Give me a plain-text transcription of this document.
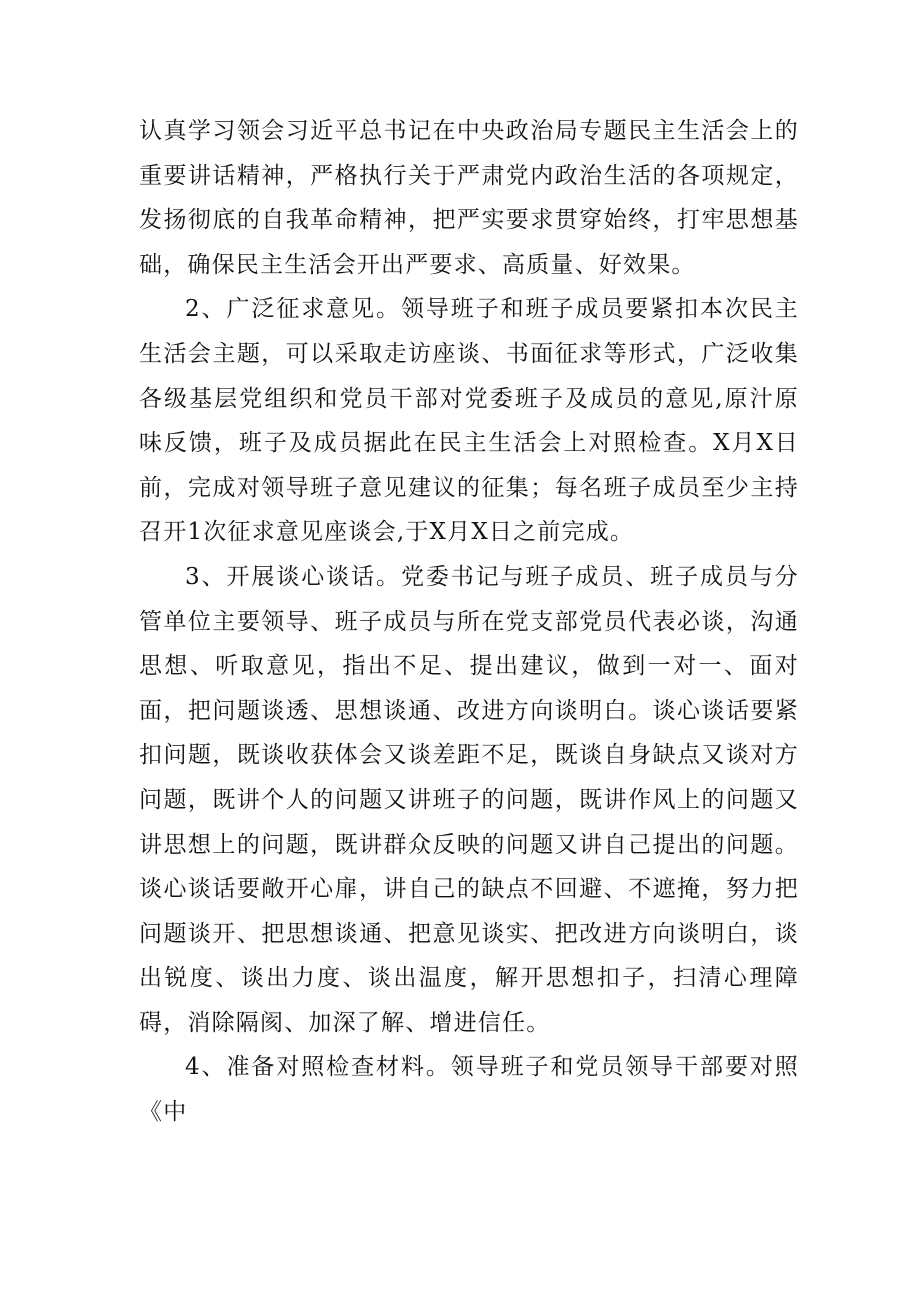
认真学习领会习近平总书记在中央政治局专题民主生活会上的重要讲话精神，严格执行关于严肃党内政治生活的各项规定，发扬彻底的自我革命精神，把严实要求贯穿始终，打牢思想基础，确保民主生活会开出严要求、高质量、好效果。

2、广泛征求意见。领导班子和班子成员要紧扣本次民主生活会主题，可以采取走访座谈、书面征求等形式，广泛收集各级基层党组织和党员干部对党委班子及成员的意见,原汁原味反馈，班子及成员据此在民主生活会上对照检查。X月X日前，完成对领导班子意见建议的征集；每名班子成员至少主持召开1次征求意见座谈会,于X月X日之前完成。

3、开展谈心谈话。党委书记与班子成员、班子成员与分管单位主要领导、班子成员与所在党支部党员代表必谈，沟通思想、听取意见，指出不足、提出建议，做到一对一、面对面，把问题谈透、思想谈通、改进方向谈明白。谈心谈话要紧扣问题，既谈收获体会又谈差距不足，既谈自身缺点又谈对方问题，既讲个人的问题又讲班子的问题，既讲作风上的问题又讲思想上的问题，既讲群众反映的问题又讲自己提出的问题。谈心谈话要敞开心扉，讲自己的缺点不回避、不遮掩，努力把问题谈开、把思想谈通、把意见谈实、把改进方向谈明白，谈出锐度、谈出力度、谈出温度，解开思想扣子，扫清心理障碍，消除隔阂、加深了解、增进信任。

4、准备对照检查材料。领导班子和党员领导干部要对照《中
